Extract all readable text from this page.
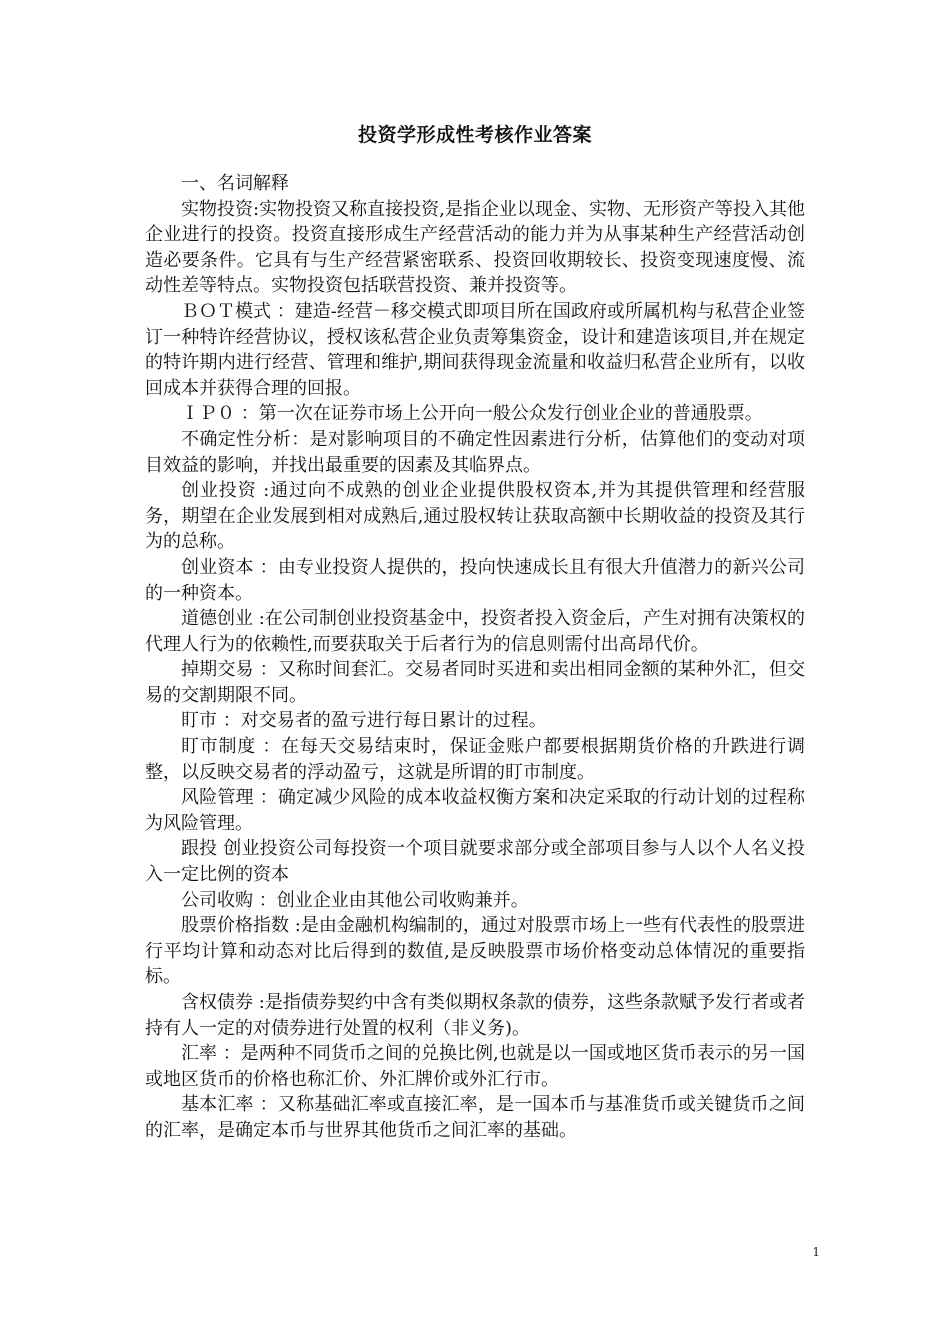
投资学形成性考核作业答案

一、名词解释

实物投资:实物投资又称直接投资,是指企业以现金、实物、无形资产等投入其他企业进行的投资。投资直接形成生产经营活动的能力并为从事某种生产经营活动创造必要条件。它具有与生产经营紧密联系、投资回收期较长、投资变现速度慢、流动性差等特点。实物投资包括联营投资、兼并投资等。

ＢＯＴ模式 ：建造-经营－移交模式即项目所在国政府或所属机构与私营企业签订一种特许经营协议，授权该私营企业负责筹集资金，设计和建造该项目,并在规定的特许期内进行经营、管理和维护,期间获得现金流量和收益归私营企业所有，以收回成本并获得合理的回报。

ＩＰ０ ：第一次在证券市场上公开向一般公众发行创业企业的普通股票。

不确定性分析：是对影响项目的不确定性因素进行分析，估算他们的变动对项目效益的影响，并找出最重要的因素及其临界点。

创业投资 :通过向不成熟的创业企业提供股权资本,并为其提供管理和经营服务，期望在企业发展到相对成熟后,通过股权转让获取高额中长期收益的投资及其行为的总称。

创业资本 ：由专业投资人提供的，投向快速成长且有很大升值潜力的新兴公司的一种资本。

道德创业 :在公司制创业投资基金中，投资者投入资金后，产生对拥有决策权的代理人行为的依赖性,而要获取关于后者行为的信息则需付出高昂代价。

掉期交易 ：又称时间套汇。交易者同时买进和卖出相同金额的某种外汇，但交易的交割期限不同。

盯市 ：对交易者的盈亏进行每日累计的过程。

盯市制度 ：在每天交易结束时，保证金账户都要根据期货价格的升跌进行调整，以反映交易者的浮动盈亏，这就是所谓的盯市制度。

风险管理 ：确定减少风险的成本收益权衡方案和决定采取的行动计划的过程称为风险管理。

跟投 创业投资公司每投资一个项目就要求部分或全部项目参与人以个人名义投入一定比例的资本

公司收购 ：创业企业由其他公司收购兼并。

股票价格指数 :是由金融机构编制的，通过对股票市场上一些有代表性的股票进行平均计算和动态对比后得到的数值,是反映股票市场价格变动总体情况的重要指标。

含权债券 :是指债券契约中含有类似期权条款的债券，这些条款赋予发行者或者持有人一定的对债券进行处置的权利（非义务)。

汇率 ：是两种不同货币之间的兑换比例,也就是以一国或地区货币表示的另一国或地区货币的价格也称汇价、外汇牌价或外汇行市。

基本汇率 ：又称基础汇率或直接汇率，是一国本币与基准货币或关键货币之间的汇率，是确定本币与世界其他货币之间汇率的基础。

1
